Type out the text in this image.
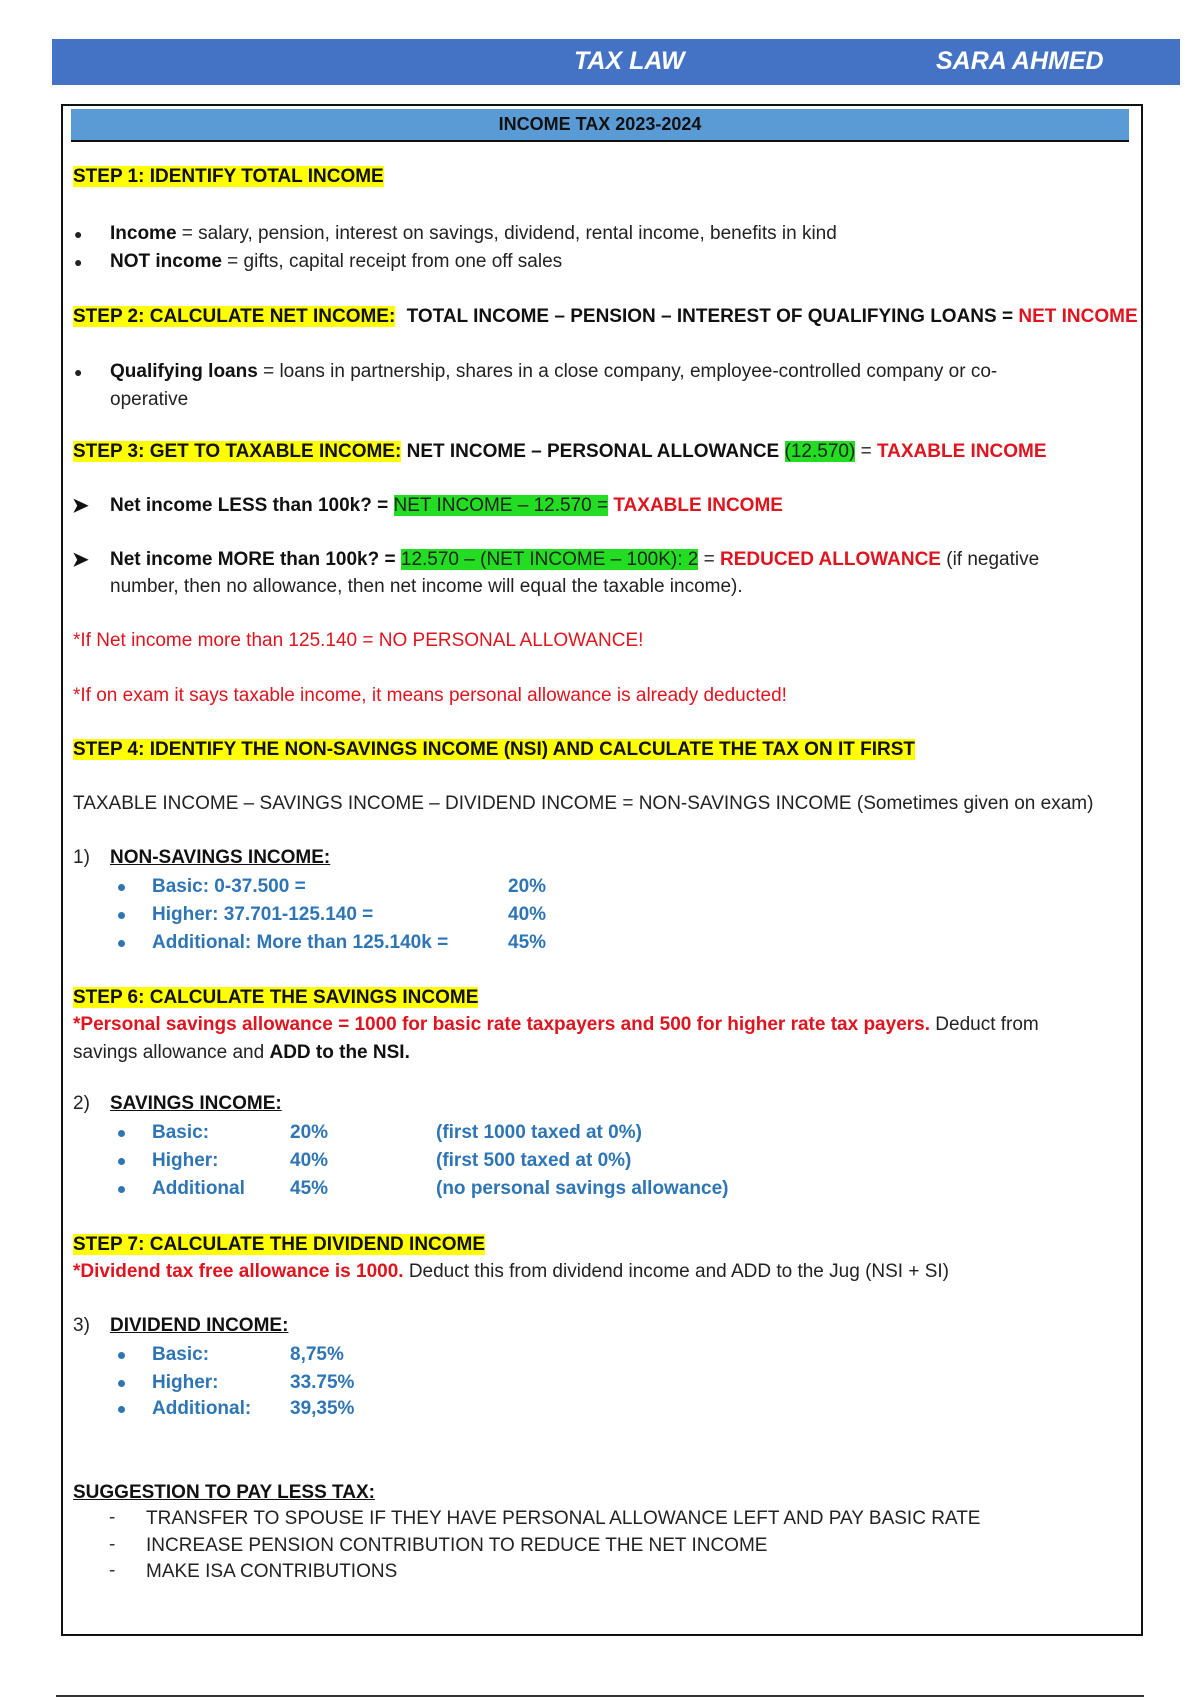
TAX LAW	SARA AHMED
INCOME TAX 2023-2024
STEP 1: IDENTIFY TOTAL INCOME
● Income = salary, pension, interest on savings, dividend, rental income, benefits in kind
● NOT income = gifts, capital receipt from one off sales
STEP 2: CALCULATE NET INCOME: TOTAL INCOME – PENSION – INTEREST OF QUALIFYING LOANS = NET INCOME
● Qualifying loans = loans in partnership, shares in a close company, employee-controlled company or co-
operative
STEP 3: GET TO TAXABLE INCOME: NET INCOME – PERSONAL ALLOWANCE (12.570) = TAXABLE INCOME
➤ Net income LESS than 100k? = NET INCOME – 12.570 = TAXABLE INCOME
➤ Net income MORE than 100k? = 12.570 – (NET INCOME – 100K): 2 = REDUCED ALLOWANCE (if negative
number, then no allowance, then net income will equal the taxable income).
*If Net income more than 125.140 = NO PERSONAL ALLOWANCE!
*If on exam it says taxable income, it means personal allowance is already deducted!
STEP 4: IDENTIFY THE NON-SAVINGS INCOME (NSI) AND CALCULATE THE TAX ON IT FIRST
TAXABLE INCOME – SAVINGS INCOME – DIVIDEND INCOME = NON-SAVINGS INCOME (Sometimes given on exam)
1) NON-SAVINGS INCOME:
Basic: 0-37.500 =	20%
Higher: 37.701-125.140 =	40%
Additional: More than 125.140k =	45%
STEP 6: CALCULATE THE SAVINGS INCOME
*Personal savings allowance = 1000 for basic rate taxpayers and 500 for higher rate tax payers. Deduct from
savings allowance and ADD to the NSI.
2) SAVINGS INCOME:
Basic:	20%	(first 1000 taxed at 0%)
Higher:	40%	(first 500 taxed at 0%)
Additional 45%	(no personal savings allowance)
STEP 7: CALCULATE THE DIVIDEND INCOME
*Dividend tax free allowance is 1000. Deduct this from dividend income and ADD to the Jug (NSI + SI)
3) DIVIDEND INCOME:
Basic:	8,75%
Higher:	33.75%
Additional: 39,35%
SUGGESTION TO PAY LESS TAX:
- TRANSFER TO SPOUSE IF THEY HAVE PERSONAL ALLOWANCE LEFT AND PAY BASIC RATE
- INCREASE PENSION CONTRIBUTION TO REDUCE THE NET INCOME
- MAKE ISA CONTRIBUTIONS
